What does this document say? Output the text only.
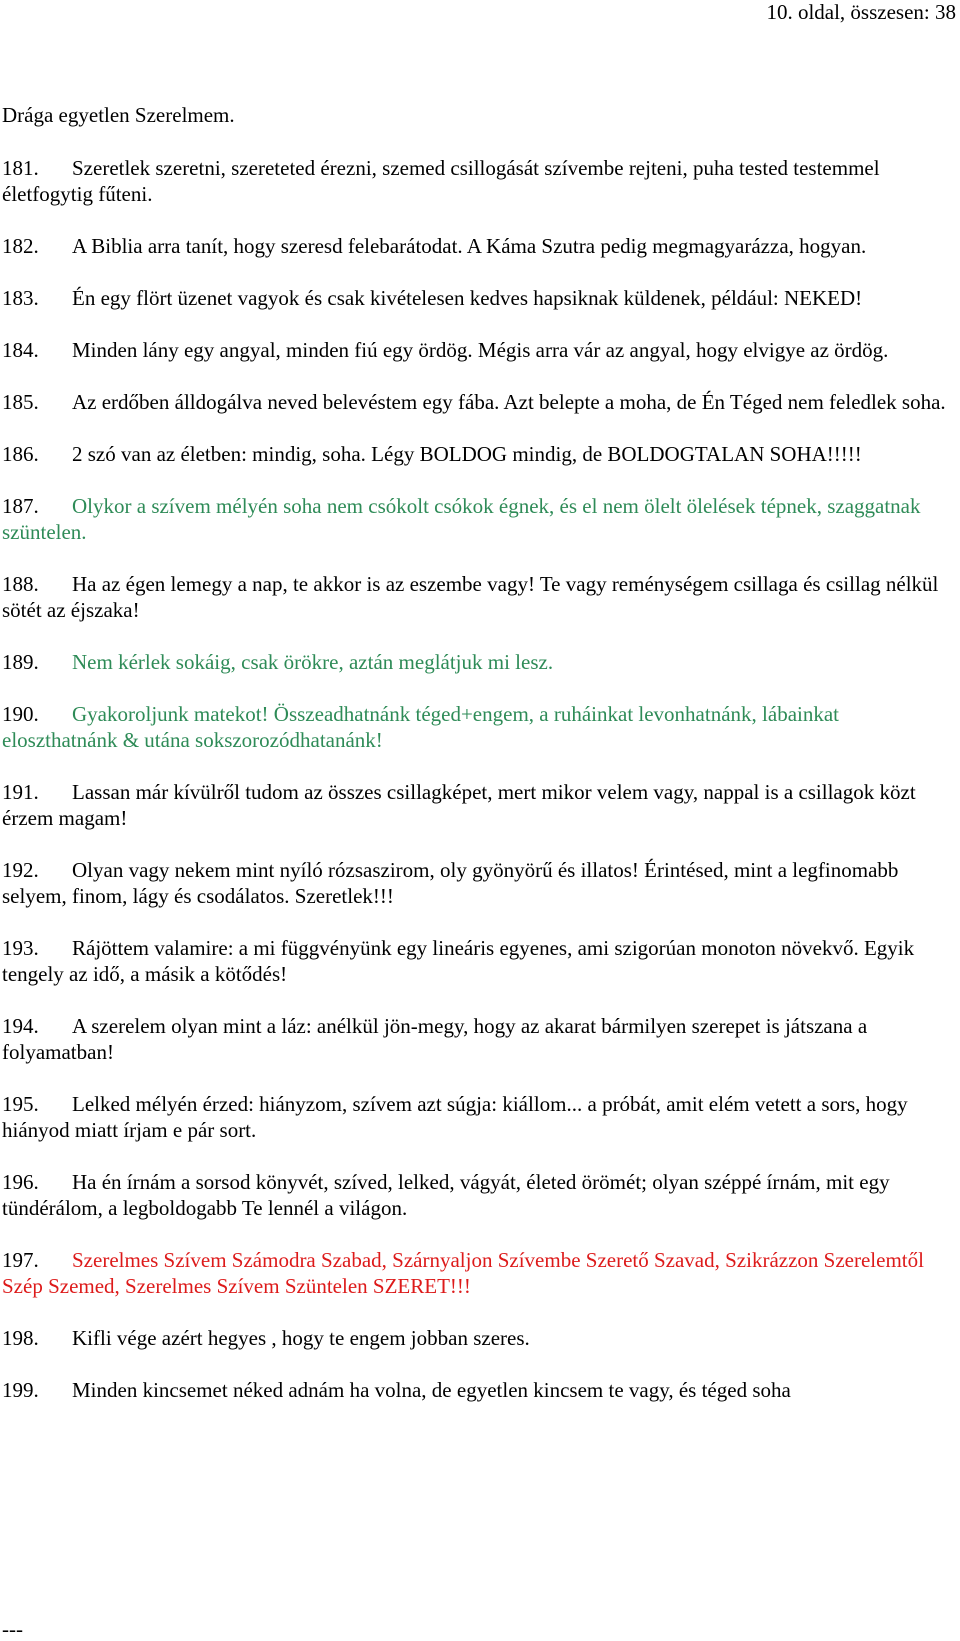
10. oldal, összesen: 38
Drága egyetlen Szerelmem.
181. Szeretlek szeretni, szereteted érezni, szemed csillogását szívembe rejteni, puha tested testemmel életfogytig fűteni.
182. A Biblia arra tanít, hogy szeresd felebarátodat. A Káma Szutra pedig megmagyarázza, hogyan.
183. Én egy flört üzenet vagyok és csak kivételesen kedves hapsiknak küldenek, például: NEKED!
184. Minden lány egy angyal, minden fiú egy ördög. Mégis arra vár az angyal, hogy elvigye az ördög.
185. Az erdőben álldogálva neved belevéstem egy fába. Azt belepte a moha, de Én Téged nem feledlek soha.
186. 2 szó van az életben: mindig, soha. Légy BOLDOG mindig, de BOLDOGTALAN SOHA!!!!!
187. Olykor a szívem mélyén soha nem csókolt csókok égnek, és el nem ölelt ölelések tépnek, szaggatnak szüntelen.
188. Ha az égen lemegy a nap, te akkor is az eszembe vagy! Te vagy reménységem csillaga és csillag nélkül sötét az éjszaka!
189. Nem kérlek sokáig, csak örökre, aztán meglátjuk mi lesz.
190. Gyakoroljunk matekot! Összeadhatnánk téged+engem, a ruháinkat levonhatnánk, lábainkat eloszthatnánk & utána sokszorozódhatanánk!
191. Lassan már kívülről tudom az összes csillagképet, mert mikor velem vagy, nappal is a csillagok közt érzem magam!
192. Olyan vagy nekem mint nyíló rózsaszirom, oly gyönyörű és illatos! Érintésed, mint a legfinomabb selyem, finom, lágy és csodálatos. Szeretlek!!!
193. Rájöttem valamire: a mi függvényünk egy lineáris egyenes, ami szigorúan monoton növekvő. Egyik tengely az idő, a másik a kötődés!
194. A szerelem olyan mint a láz: anélkül jön-megy, hogy az akarat bármilyen szerepet is játszana a folyamatban!
195. Lelked mélyén érzed: hiányzom, szívem azt súgja: kiállom... a próbát, amit elém vetett a sors, hogy hiányod miatt írjam e pár sort.
196. Ha én írnám a sorsod könyvét, szíved, lelked, vágyát, életed örömét; olyan széppé írnám, mit egy tündérálom, a legboldogabb Te lennél a világon.
197. Szerelmes Szívem Számodra Szabad, Szárnyaljon Szívembe Szerető Szavad, Szikrázzon Szerelemtől Szép Szemed, Szerelmes Szívem Szüntelen SZERET!!!
198. Kifli vége azért hegyes , hogy te engem jobban szeres.
199. Minden kincsemet néked adnám ha volna, de egyetlen kincsem te vagy, és téged soha
---
